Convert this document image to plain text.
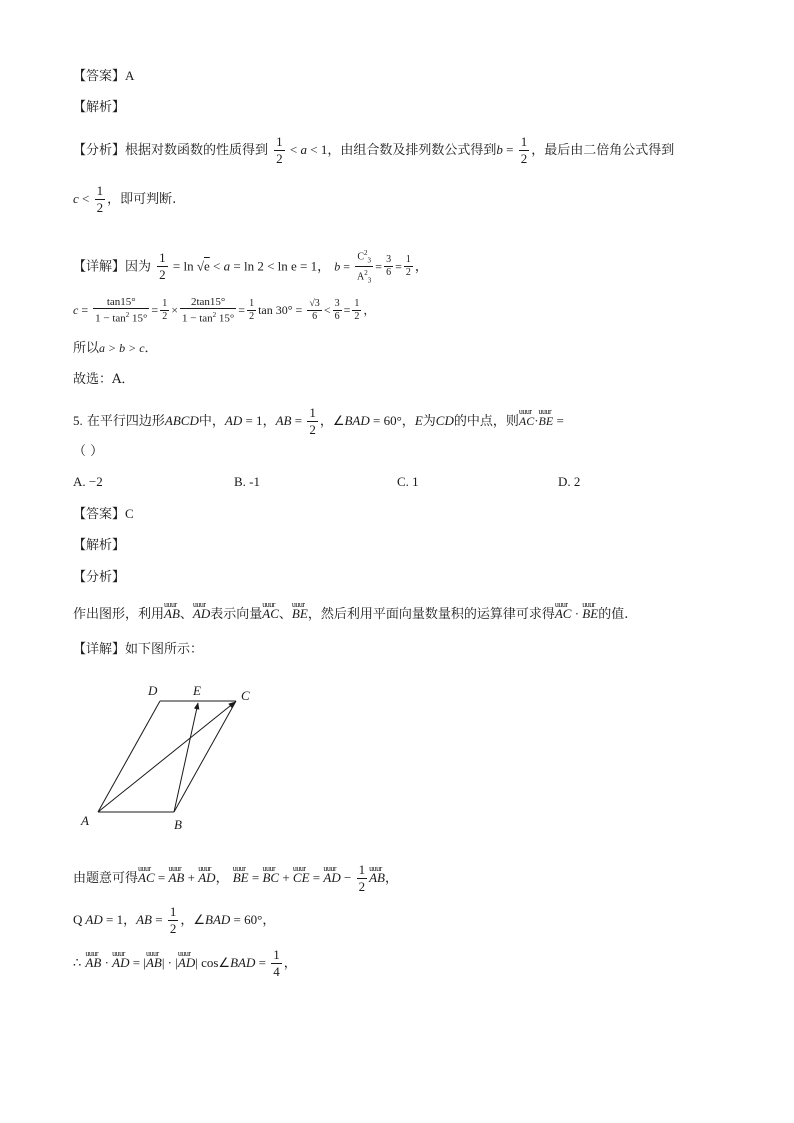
【答案】A
【解析】
【分析】根据对数函数的性质得到 $\frac{1}{2} < a < 1$，由组合数及排列数公式得到$b = \frac{1}{2}$ ，最后由二倍角公式得到
$c < \frac{1}{2}$ ，即可判断.
【详解】因为 $\frac{1}{2} = \ln √e < a = \ln 2 < \ln e = 1$， $b = \frac{C^2_3}{A^2_3} = \frac{3}{6} = \frac{1}{2}$ ，
$c = \frac{\tan 15^\circ}{1 - \tan^2 15^\circ} = \frac{1}{2} \times \frac{2\tan 15^\circ}{1 - \tan^2 15^\circ} = \frac{1}{2}$ $\tan 30^\circ = \frac{√3}{6} < \frac{3}{6} = \frac{1}{2}$ ，
所以a > b > c．
故选：A．
5. 在平行四边形ABCD中，AD = 1，AB = $\frac{1}{2}$ ，∠BAD = 60°，E为CD的中点，则uuur AC·uuur BE =
（ ）
A. −2	B. -1	C. 1	D. 2
【答案】C
【解析】
【分析】
作出图形，利用uuur AB、uuur AD表示向量uuur AC、uuur BE，然后利用平面向量数量积的运算律可求得uuur AC · uuur BE的值.
【详解】如下图所示：
A	B
C
D	E
由题意可得uuur AC = uuur AB + uuur AD， uuur BE = uuur BC + uuur CE = uuur AD − $\frac{1}{2}$ uuur AB，
Q AD = 1，AB = $\frac{1}{2}$ ，∠BAD = 60°，
∴ uuur AB · uuur AD = |uuur AB| · |uuur AD| cos∠BAD = $\frac{1}{4}$ ，
